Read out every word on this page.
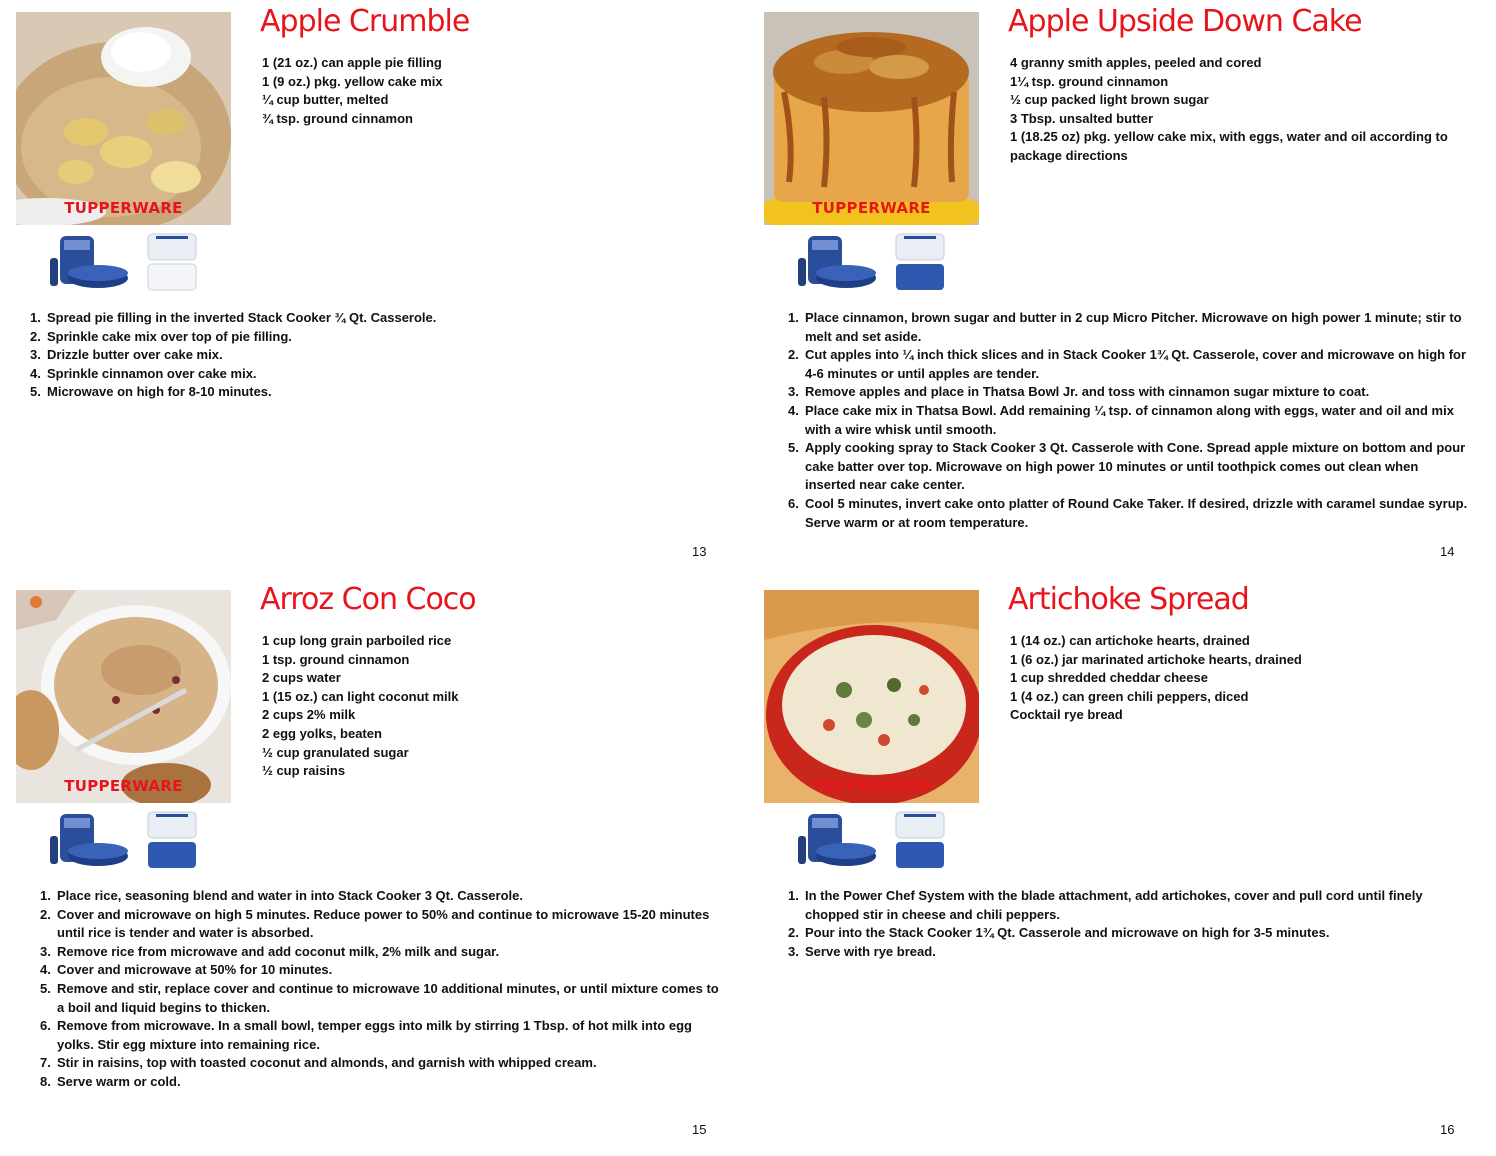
TUPPERWARE
Apple Crumble
1 (21 oz.) can apple pie filling
1 (9 oz.) pkg. yellow cake mix
¼ cup butter, melted
¾ tsp. ground cinnamon
1. Spread pie filling in the inverted Stack Cooker ¾ Qt. Casserole.
2. Sprinkle cake mix over top of pie filling.
3. Drizzle butter over cake mix.
4. Sprinkle cinnamon over cake mix.
5. Microwave on high for 8-10 minutes.
13
TUPPERWARE
Apple Upside Down Cake
4 granny smith apples, peeled and cored
1¼ tsp. ground cinnamon
½ cup packed light brown sugar
3 Tbsp. unsalted butter
1 (18.25 oz) pkg. yellow cake mix, with eggs, water and oil according to
package directions
1. Place cinnamon, brown sugar and butter in 2 cup Micro Pitcher. Microwave on high power 1 minute; stir to melt and set aside.
2. Cut apples into ¼ inch thick slices and in Stack Cooker 1¾ Qt. Casserole, cover and microwave on high for 4-6 minutes or until apples are tender.
3. Remove apples and place in Thatsa Bowl Jr. and toss with cinnamon sugar mixture to coat.
4. Place cake mix in Thatsa Bowl. Add remaining ¼ tsp. of cinnamon along with eggs, water and oil and mix with a wire whisk until smooth.
5. Apply cooking spray to Stack Cooker 3 Qt. Casserole with Cone. Spread apple mixture on bottom and pour cake batter over top. Microwave on high power 10 minutes or until toothpick comes out clean when inserted near cake center.
6. Cool 5 minutes, invert cake onto platter of Round Cake Taker. If desired, drizzle with caramel sundae syrup. Serve warm or at room temperature.
14
TUPPERWARE
Arroz Con Coco
1 cup long grain parboiled rice
1 tsp. ground cinnamon
2 cups water
1 (15 oz.) can light coconut milk
2 cups 2% milk
2 egg yolks, beaten
½ cup granulated sugar
½ cup raisins
1. Place rice, seasoning blend and water in into Stack Cooker 3 Qt. Casserole.
2. Cover and microwave on high 5 minutes. Reduce power to 50% and continue to microwave 15-20 minutes until rice is tender and water is absorbed.
3. Remove rice from microwave and add coconut milk, 2% milk and sugar.
4. Cover and microwave at 50% for 10 minutes.
5. Remove and stir, replace cover and continue to microwave 10 additional minutes, or until mixture comes to a boil and liquid begins to thicken.
6. Remove from microwave. In a small bowl, temper eggs into milk by stirring 1 Tbsp. of hot milk into egg yolks. Stir egg mixture into remaining rice.
7. Stir in raisins, top with toasted coconut and almonds, and garnish with whipped cream.
8. Serve warm or cold.
15
TUPPERWARE
Artichoke Spread
1 (14 oz.) can artichoke hearts, drained
1 (6 oz.) jar marinated artichoke hearts, drained
1 cup shredded cheddar cheese
1 (4 oz.) can green chili peppers, diced
Cocktail rye bread
1. In the Power Chef System with the blade attachment, add artichokes, cover and pull cord until finely chopped stir in cheese and chili peppers.
2. Pour into the Stack Cooker 1¾ Qt. Casserole and microwave on high for 3-5 minutes.
3. Serve with rye bread.
16
